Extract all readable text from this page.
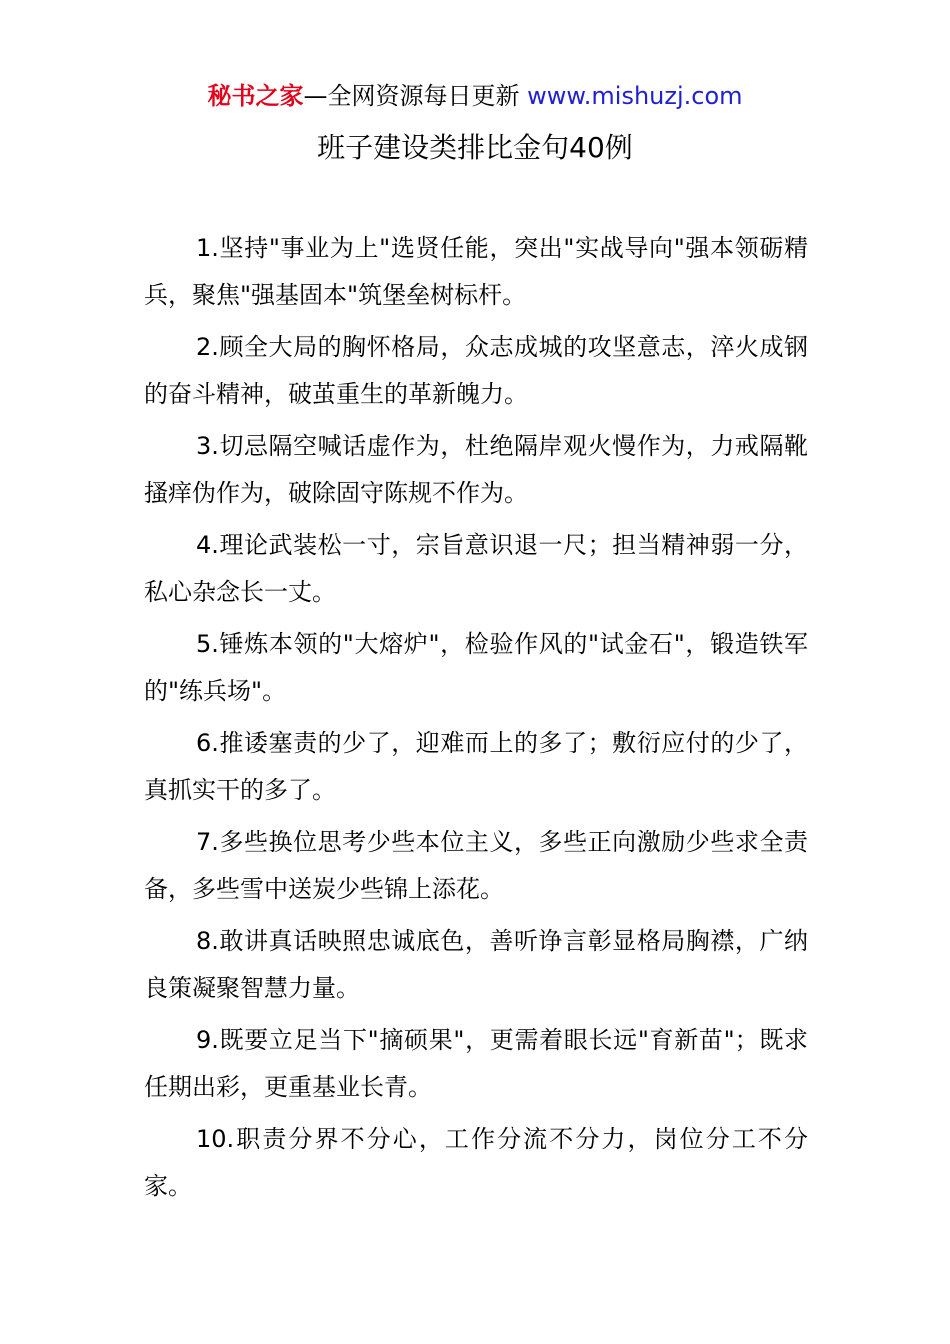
秘书之家—全网资源每日更新 www.mishuzj.com
班子建设类排比金句40例

1.坚持"事业为上"选贤任能，突出"实战导向"强本领砺精兵，聚焦"强基固本"筑堡垒树标杆。

2.顾全大局的胸怀格局，众志成城的攻坚意志，淬火成钢的奋斗精神，破茧重生的革新魄力。

3.切忌隔空喊话虚作为，杜绝隔岸观火慢作为，力戒隔靴搔痒伪作为，破除固守陈规不作为。

4.理论武装松一寸，宗旨意识退一尺；担当精神弱一分，私心杂念长一丈。

5.锤炼本领的"大熔炉"，检验作风的"试金石"，锻造铁军的"练兵场"。

6.推诿塞责的少了，迎难而上的多了；敷衍应付的少了，真抓实干的多了。

7.多些换位思考少些本位主义，多些正向激励少些求全责备，多些雪中送炭少些锦上添花。

8.敢讲真话映照忠诚底色，善听诤言彰显格局胸襟，广纳良策凝聚智慧力量。

9.既要立足当下"摘硕果"，更需着眼长远"育新苗"；既求任期出彩，更重基业长青。

10.职责分界不分心，工作分流不分力，岗位分工不分家。
